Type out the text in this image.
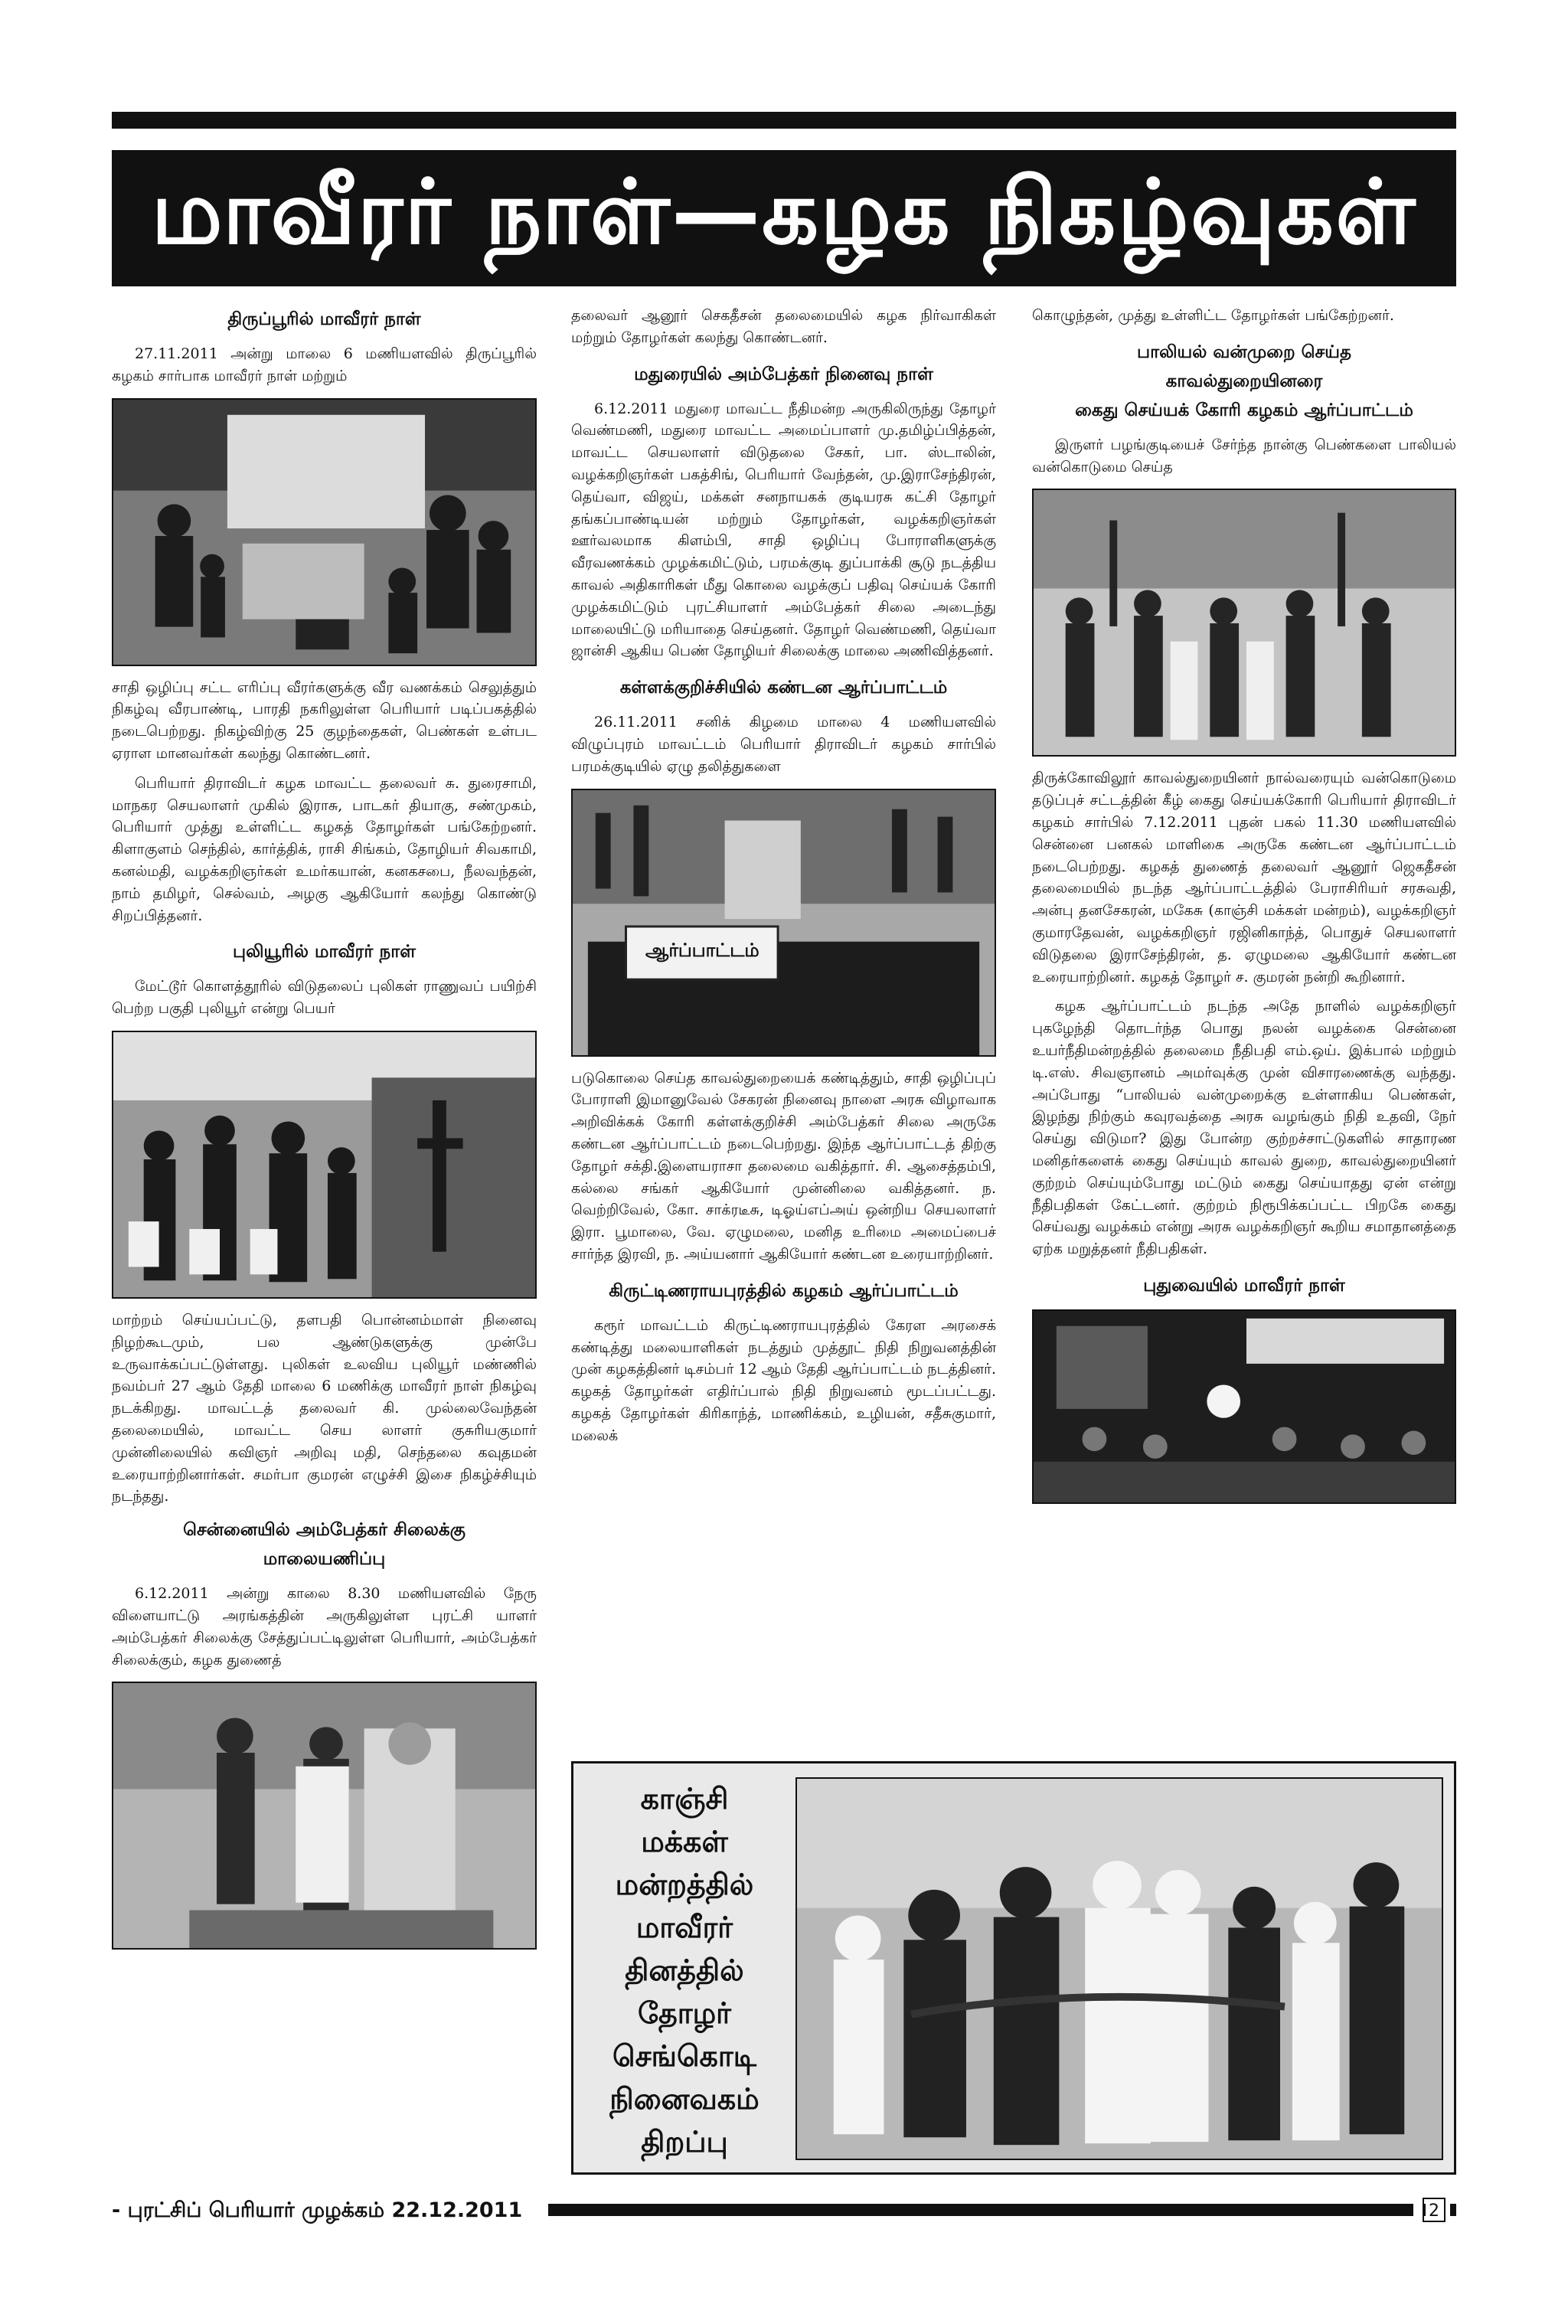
மாவீரர் நாள்—கழக நிகழ்வுகள்
திருப்பூரில் மாவீரர் நாள்

27.11.2011 அன்று மாலை 6 மணியளவில் திருப்பூரில் கழகம் சார்பாக மாவீரர் நாள் மற்றும்

சாதி ஒழிப்பு சட்ட எரிப்பு வீரர்களுக்கு வீர வணக்கம் செலுத்தும் நிகழ்வு வீரபாண்டி, பாரதி நகரிலுள்ள பெரியார் படிப்பகத்தில் நடைபெற்றது. நிகழ்விற்கு 25 குழந்தைகள், பெண்கள் உள்பட ஏராள மானவர்கள் கலந்து கொண்டனர்.

பெரியார் திராவிடர் கழக மாவட்ட தலைவர் சு. துரைசாமி, மாநகர செயலாளர் முகில் இராசு, பாடகர் தியாகு, சண்முகம், பெரியார் முத்து உள்ளிட்ட கழகத் தோழர்கள் பங்கேற்றனர். கிளாகுளம் செந்தில், கார்த்திக், ராசி சிங்கம், தோழியர் சிவகாமி, கனல்மதி, வழக்கறிஞர்கள் உமர்கயான், கனகசபை, நீலவந்தன், நாம் தமிழர், செல்வம், அழகு ஆகியோர் கலந்து கொண்டு சிறப்பித்தனர்.

புலியூரில் மாவீரர் நாள்

மேட்டூர் கொளத்தூரில் விடுதலைப் புலிகள் ராணுவப் பயிற்சி பெற்ற பகுதி புலியூர் என்று பெயர்

மாற்றம் செய்யப்பட்டு, தளபதி பொன்னம்மாள் நினைவு நிழற்கூடமும், பல ஆண்டுகளுக்கு முன்பே உருவாக்கப்பட்டுள்ளது. புலிகள் உலவிய புலியூர் மண்ணில் நவம்பர் 27 ஆம் தேதி மாலை 6 மணிக்கு மாவீரர் நாள் நிகழ்வு நடக்கிறது. மாவட்டத் தலைவர் கி. முல்லைவேந்தன் தலைமையில், மாவட்ட செய லாளர் குசுரியகுமார் முன்னிலையில் கவிஞர் அறிவு மதி, செந்தலை கவுதமன் உரையாற்றினார்கள். சமர்பா குமரன் எழுச்சி இசை நிகழ்ச்சியும் நடந்தது.

சென்னையில் அம்பேத்கர் சிலைக்கு
மாலையணிப்பு

6.12.2011 அன்று காலை 8.30 மணியளவில் நேரு விளையாட்டு அரங்கத்தின் அருகிலுள்ள புரட்சி யாளர் அம்பேத்கர் சிலைக்கு சேத்துப்பட்டிலுள்ள பெரியார், அம்பேத்கர் சிலைக்கும், கழக துணைத்

தலைவர் ஆனூர் செகதீசன் தலைமையில் கழக நிர்வாகிகள் மற்றும் தோழர்கள் கலந்து கொண்டனர்.

மதுரையில் அம்பேத்கர் நினைவு நாள்

6.12.2011 மதுரை மாவட்ட நீதிமன்ற அருகிலிருந்து தோழர் வெண்மணி, மதுரை மாவட்ட அமைப்பாளர் மு.தமிழ்ப்பித்தன், மாவட்ட செயலாளர் விடுதலை சேகர், பா. ஸ்டாலின், வழக்கறிஞர்கள் பகத்சிங், பெரியார் வேந்தன், மு.இராசேந்திரன், தெய்வா, விஜய், மக்கள் சனநாயகக் குடியரசு கட்சி தோழர் தங்கப்பாண்டியன் மற்றும் தோழர்கள், வழக்கறிஞர்கள் ஊர்வலமாக கிளம்பி, சாதி ஒழிப்பு போராளிகளுக்கு வீரவணக்கம் முழக்கமிட்டும், பரமக்குடி துப்பாக்கி சூடு நடத்திய காவல் அதிகாரிகள் மீது கொலை வழக்குப் பதிவு செய்யக் கோரி முழக்கமிட்டும் புரட்சியாளர் அம்பேத்கர் சிலை அடைந்து மாலையிட்டு மரியாதை செய்தனர். தோழர் வெண்மணி, தெய்வா ஜான்சி ஆகிய பெண் தோழியர் சிலைக்கு மாலை அணிவித்தனர்.

கள்ளக்குறிச்சியில் கண்டன ஆர்ப்பாட்டம்

26.11.2011 சனிக் கிழமை மாலை 4 மணியளவில் விழுப்புரம் மாவட்டம் பெரியார் திராவிடர் கழகம் சார்பில் பரமக்குடியில் ஏழு தலித்துகளை

ஆர்ப்பாட்டம்

படுகொலை செய்த காவல்துறையைக் கண்டித்தும், சாதி ஒழிப்புப் போராளி இமானுவேல் சேகரன் நினைவு நாளை அரசு விழாவாக அறிவிக்கக் கோரி கள்ளக்குறிச்சி அம்பேத்கர் சிலை அருகே கண்டன ஆர்ப்பாட்டம் நடைபெற்றது. இந்த ஆர்ப்பாட்டத் திற்கு தோழர் சக்தி.இளையராசா தலைமை வகித்தார். சி. ஆசைத்தம்பி, கல்லை சங்கர் ஆகியோர் முன்னிலை வகித்தனர். ந. வெற்றிவேல், கோ. சாக்ரடீசு, டிஓய்எப்அய் ஒன்றிய செயலாளர் இரா. பூமாலை, வே. ஏழுமலை, மனித உரிமை அமைப்பைச் சார்ந்த இரவி, ந. அய்யனார் ஆகியோர் கண்டன உரையாற்றினர்.

கிருட்டிணராயபுரத்தில் கழகம் ஆர்ப்பாட்டம்

கரூர் மாவட்டம் கிருட்டிணராயபுரத்தில் கேரள அரசைக் கண்டித்து மலையாளிகள் நடத்தும் முத்தூட் நிதி நிறுவனத்தின் முன் கழகத்தினர் டிசம்பர் 12 ஆம் தேதி ஆர்ப்பாட்டம் நடத்தினர். கழகத் தோழர்கள் எதிர்ப்பால் நிதி நிறுவனம் மூடப்பட்டது. கழகத் தோழர்கள் கிரிகாந்த், மாணிக்கம், உழியன், சதீசுகுமார், மலைக்

கொழுந்தன், முத்து உள்ளிட்ட தோழர்கள் பங்கேற்றனர்.

பாலியல் வன்முறை செய்த
காவல்துறையினரை
கைது செய்யக் கோரி கழகம் ஆர்ப்பாட்டம்

இருளர் பழங்குடியைச் சேர்ந்த நான்கு பெண்களை பாலியல் வன்கொடுமை செய்த

திருக்கோவிலூர் காவல்துறையினர் நால்வரையும் வன்கொடுமை தடுப்புச் சட்டத்தின் கீழ் கைது செய்யக்கோரி பெரியார் திராவிடர் கழகம் சார்பில் 7.12.2011 புதன் பகல் 11.30 மணியளவில் சென்னை பனகல் மாளிகை அருகே கண்டன ஆர்ப்பாட்டம் நடைபெற்றது. கழகத் துணைத் தலைவர் ஆனூர் ஜெகதீசன் தலைமையில் நடந்த ஆர்ப்பாட்டத்தில் பேராசிரியர் சரசுவதி, அன்பு தனசேகரன், மகேசு (காஞ்சி மக்கள் மன்றம்), வழக்கறிஞர் குமாரதேவன், வழக்கறிஞர் ரஜினிகாந்த், பொதுச் செயலாளர் விடுதலை இராசேந்திரன், த. ஏழுமலை ஆகியோர் கண்டன உரையாற்றினர். கழகத் தோழர் ச. குமரன் நன்றி கூறினார்.

கழக ஆர்ப்பாட்டம் நடந்த அதே நாளில் வழக்கறிஞர் புகழேந்தி தொடர்ந்த பொது நலன் வழக்கை சென்னை உயர்நீதிமன்றத்தில் தலைமை நீதிபதி எம்.ஒய். இக்பால் மற்றும் டி.எஸ். சிவஞானம் அமர்வுக்கு முன் விசாரணைக்கு வந்தது. அப்போது “பாலியல் வன்முறைக்கு உள்ளாகிய பெண்கள், இழந்து நிற்கும் கவுரவத்தை அரசு வழங்கும் நிதி உதவி, நேர் செய்து விடுமா? இது போன்ற குற்றச்சாட்டுகளில் சாதாரண மனிதர்களைக் கைது செய்யும் காவல் துறை, காவல்துறையினர் குற்றம் செய்யும்போது மட்டும் கைது செய்யாதது ஏன் என்று நீதிபதிகள் கேட்டனர். குற்றம் நிரூபிக்கப்பட்ட பிறகே கைது செய்வது வழக்கம் என்று அரசு வழக்கறிஞர் கூறிய சமாதானத்தை ஏற்க மறுத்தனர் நீதிபதிகள்.

புதுவையில் மாவீரர் நாள்
காஞ்சி
மக்கள்
மன்றத்தில்
மாவீரர்
தினத்தில்
தோழர்
செங்கொடி
நினைவகம்
திறப்பு
- புரட்சிப் பெரியார் முழக்கம் 22.12.2011	2
